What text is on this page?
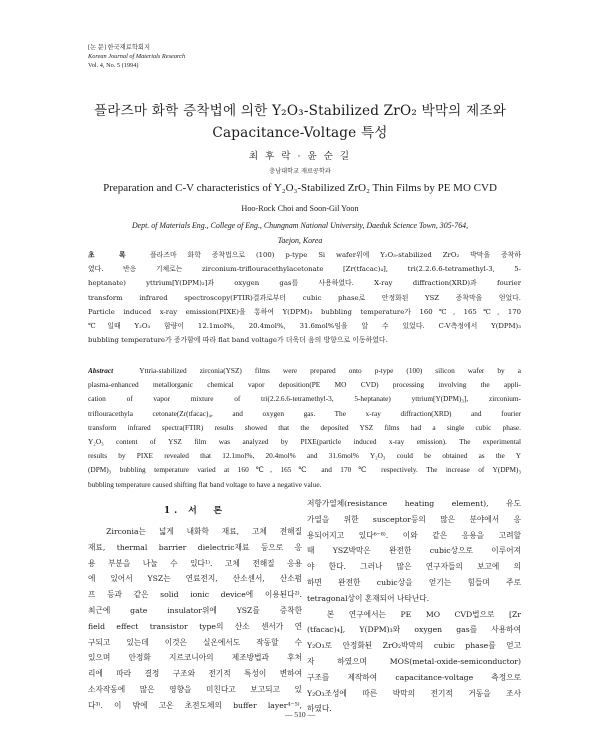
[논 문] 한국재료학회지
Korean Journal of Materials Research
Vol. 4, No. 5 (1994)
플라즈마 화학 증착법에 의한 Y₂O₃-Stabilized ZrO₂ 박막의 제조와
Capacitance-Voltage 특성
최 후 락 · 윤 순 길
충남대학교 재료공학과
Preparation and C-V characteristics of Y₂O₃-Stabilized ZrO₂ Thin Films by PE MO CVD
Hoo-Rock Choi and Soon-Gil Yoon
Dept. of Materials Eng., College of Eng., Chungnam National University, Daeduk Science Town, 305-764,
Taejon, Korea
초　록　	플라즈마 화학 증착법으로 (100) p-type Si wafer위에 Y₂O₃-stabilized ZrO₂ 박막을 증착하
였다. 반응 기체로는 zirconium-triflouracethylacetonate [Zr(tfacac)₄], tri(2.2.6.6-tetramethyl-3, 5-
heptanate) yttrium[Y(DPM)₃]과 oxygen gas를 사용하였다. X-ray diffraction(XRD)과 fourier
transform infrared spectroscopy(FTIR)결과로부터 cubic phase로 안정화된 YSZ 증착막을 얻었다.
Particle induced x-ray emission(PIXE)을 통하여 Y(DPM)₃ bubbling temperature가 160℃, 165℃, 170
℃일때 Y₂O₃ 함량이 12.1mol%, 20.4mol%, 31.6mol%임을 알 수 있었다. C-V측정에서 Y(DPM)₃
bubbling temperature가 증가함에 따라 flat band voltage가 더욱더 음의 방향으로 이동하였다.
Abstract	Yttria-stabilized zirconia(YSZ) films were prepared onto p-type (100) silicon wafer by a
plasma-enhanced metallorganic chemical vapor deposition(PE MO CVD) processing involving the appli-
cation of vapor mixture of tri(2.2.6.6-tetramethyl-3, 5-heptanate) yttrium[Y(DPM)₃], zirconium-
triflouracethyla cetonate(Zr(tfacac)₄, and oxygen gas. The x-ray diffraction(XRD) and fourier
transform infrared spectra(FTIR) results showed that the deposited YSZ films had a single cubic phase.
Y₂O₃ content of YSZ film was analyzed by PIXE(particle induced x-ray emission). The experimental
results by PIXE revealed that 12.1mol%, 20.4mol% and 31.6mol% Y₂O₃ could be obtained as the Y
(DPM)₃ bubbling temperature varied at 160℃, 165℃ and 170℃ respectively. The increase of Y(DPM)₃
bubbling temperature caused shifting flat band voltage to have a negative value.
1. 서　론
　Zirconia는 넓게 내화학 재료, 고체 전해질
재료, thermal barrier dielectric재료 등으로 응
용 부분을 나눌 수 있다¹⁾. 고체 전해질 응용
에 있어서 YSZ는 연료전지, 산소센서, 산소펌
프 등과 같은 solid ionic device에 이용된다²⁾.
최근에 gate insulator위에 YSZ를 증착한
field effect transistor type의 산소 센서가 연
구되고 있는데 이것은 실온에서도 작동할 수
있으며 안정화 지르코니아의 제조방법과 후처
리에 따라 결정 구조와 전기적 특성이 변하여
소자작동에 많은 영향을 미친다고 보고되고 있
다³⁾. 이 밖에 고온 초전도체의 buffer layer⁴⁻⁵⁾,
저항가열체(resistance heating element), 유도
가열을 위한 susceptor등의 많은 분야에서 응
용되어지고 있다⁶⁻⁸⁾. 이와 같은 응용을 고려할
때 YSZ박막은 완전한 cubic상으로 이루어져
야 한다. 그러나 많은 연구자들의 보고에 의
하면 완전한 cubic상을 얻기는 힘들며 주로
tetragonal상이 혼재되어 나타난다.
　본 연구에서는 PE MO CVD법으로 [Zr
(tfacac)₄], Y(DPM)₃와 oxygen gas를 사용하여
Y₂O₃로 안정화된 ZrO₂박막의 cubic phase를 얻고
자 하였으며 MOS(metal-oxide-semiconductor)
구조를 제작하여 capacitance-voltage 측정으로
Y₂O₃조성에 따른 박막의 전기적 거동을 조사
하였다.
— 510 —
